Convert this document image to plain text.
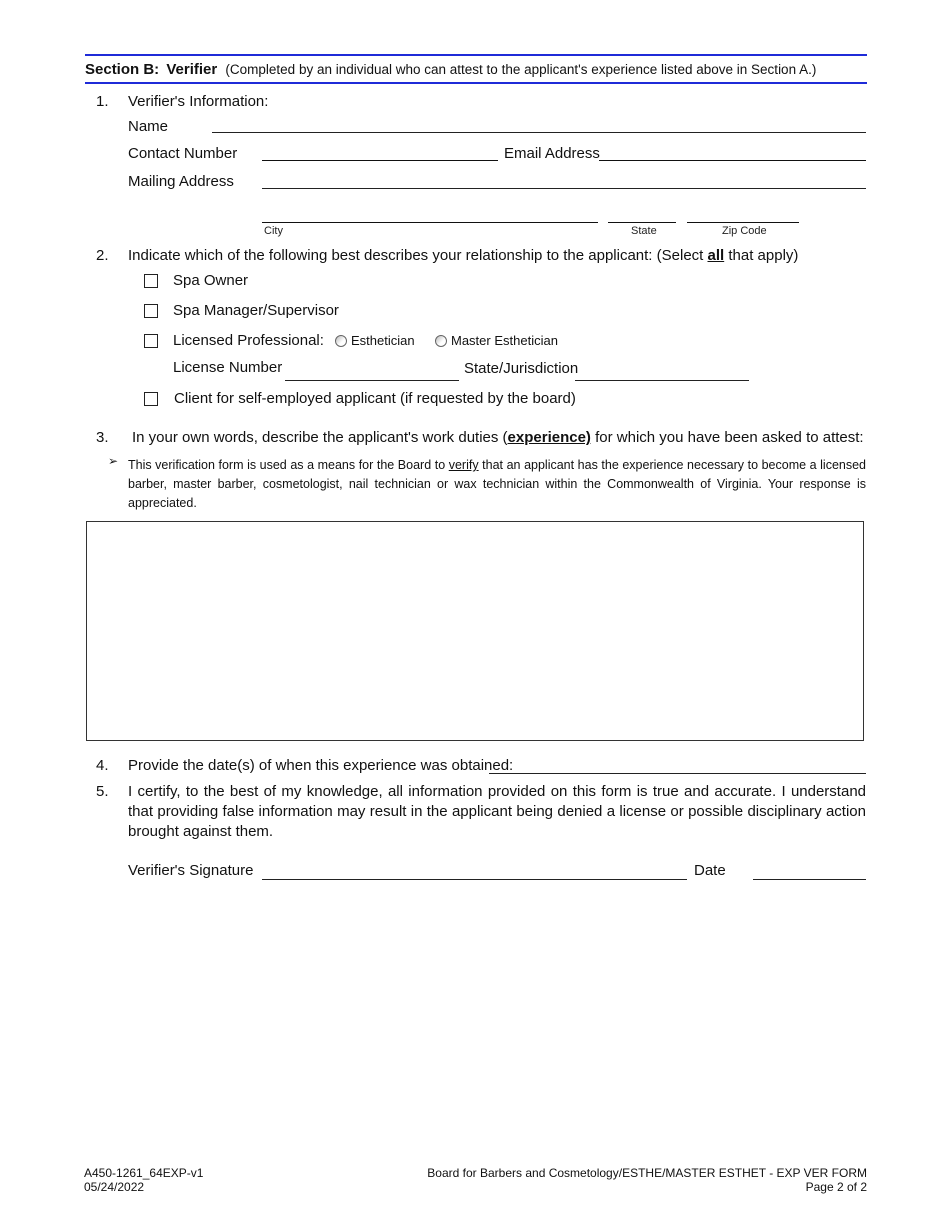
Section B: Verifier (Completed by an individual who can attest to the applicant's experience listed above in Section A.)
1. Verifier's Information:
Name
Contact Number	Email Address
Mailing Address
City	State	Zip Code
2. Indicate which of the following best describes your relationship to the applicant: (Select all that apply)
Spa Owner
Spa Manager/Supervisor
Licensed Professional:	Esthetician	Master Esthetician
License Number	State/Jurisdiction
Client for self-employed applicant (if requested by the board)
3. In your own words, describe the applicant's work duties (experience) for which you have been asked to attest:
➢ This verification form is used as a means for the Board to verify that an applicant has the experience necessary to become a licensed barber, master barber, cosmetologist, nail technician or wax technician within the Commonwealth of Virginia. Your response is appreciated.
4. Provide the date(s) of when this experience was obtained:
5. I certify, to the best of my knowledge, all information provided on this form is true and accurate. I understand that providing false information may result in the applicant being denied a license or possible disciplinary action brought against them.
Verifier's Signature	Date
A450-1261_64EXP-v1
05/24/2022
Board for Barbers and Cosmetology/ESTHE/MASTER ESTHET - EXP VER FORM
Page 2 of 2
